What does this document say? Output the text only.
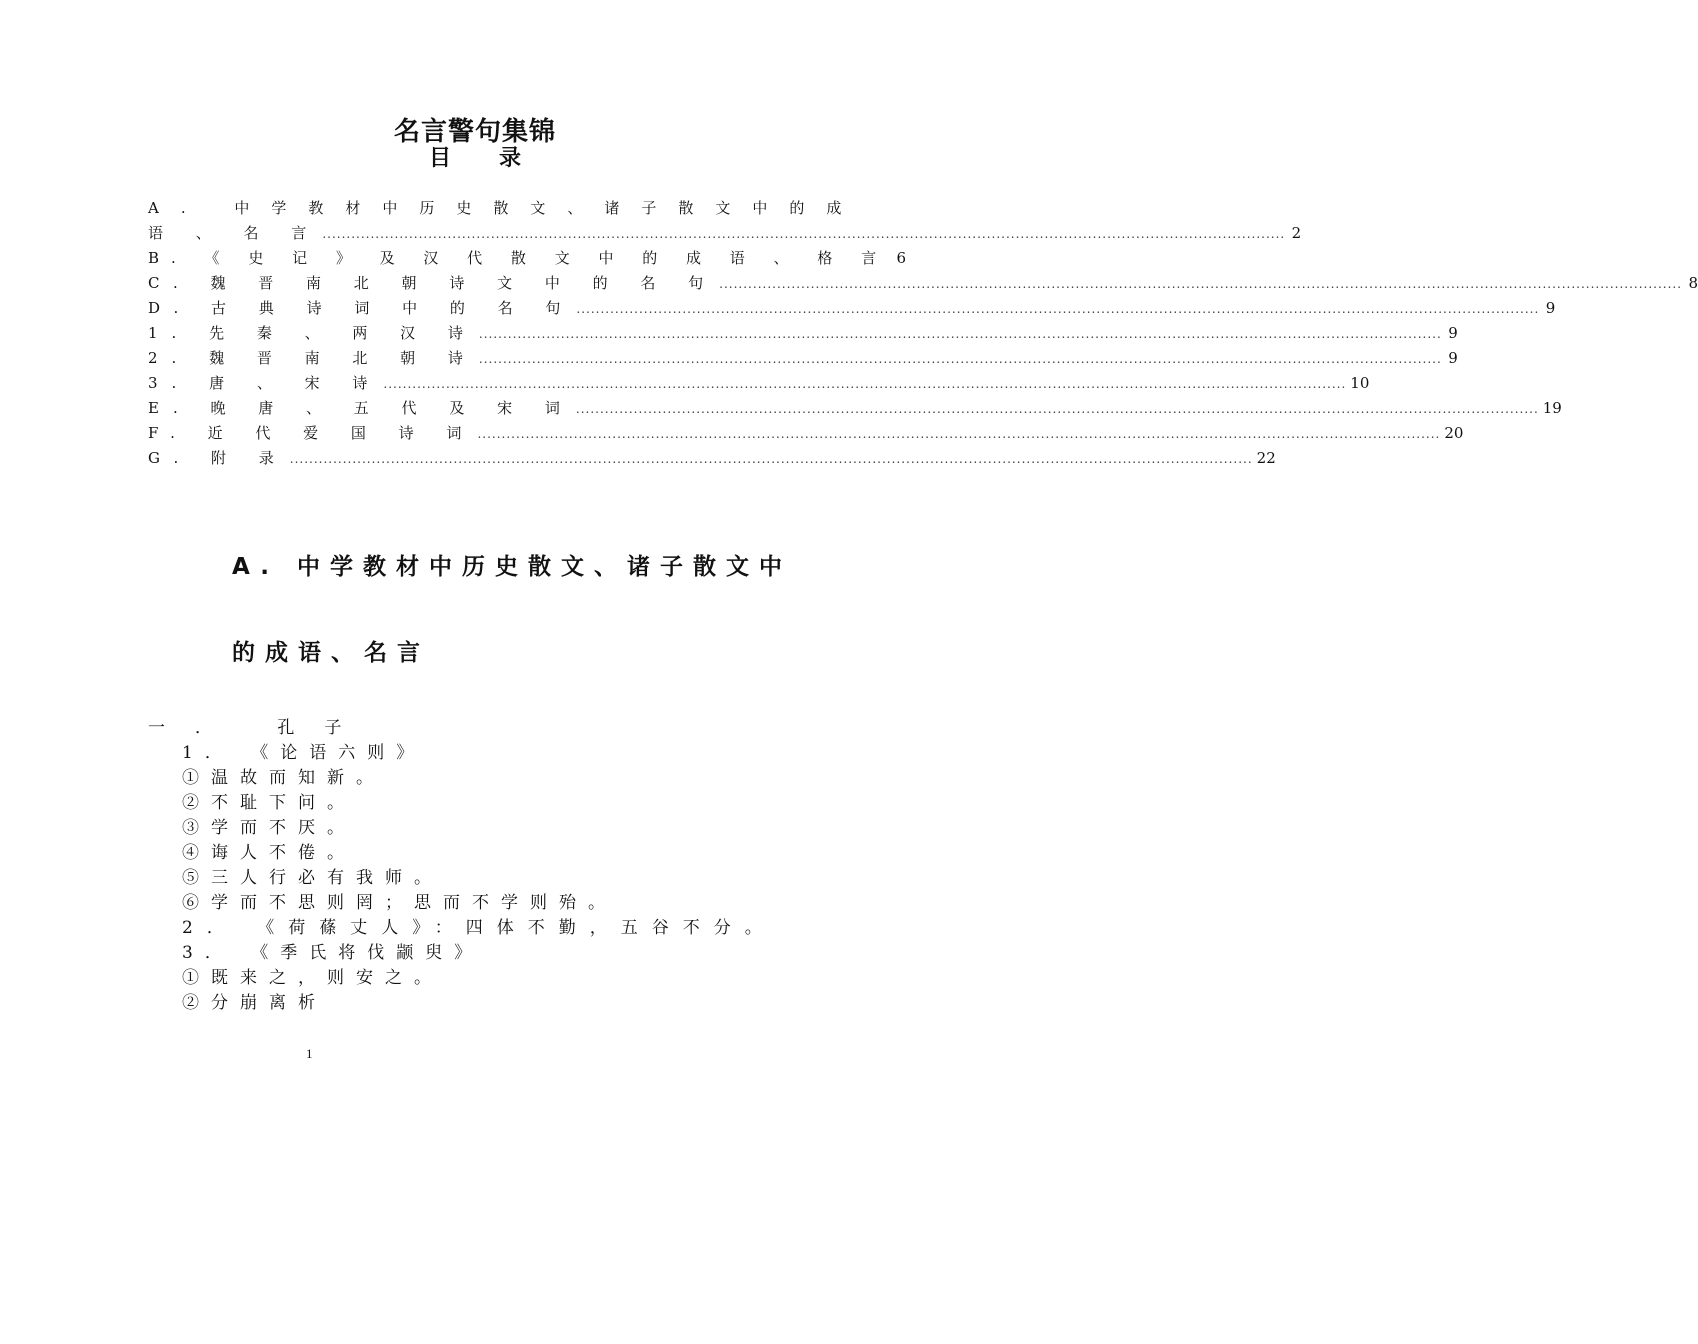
名言警句集锦
目录
A. 中学教材中历史散文、诸子散文中的成
语 、 名 言 ........................................................................................................................................................................................................ 2
B. 《 史 记 》 及 汉 代 散 文 中 的 成 语 、 格 言 6
C. 魏 晋 南 北 朝 诗 文 中 的 名 句 ........................................................................................................................................................................................................ 8
D. 古 典 诗 词 中 的 名 句 ........................................................................................................................................................................................................ 9
1. 先 秦 、 两 汉 诗 ........................................................................................................................................................................................................ 9
2. 魏 晋 南 北 朝 诗 ........................................................................................................................................................................................................ 9
3. 唐 、 宋 诗 ........................................................................................................................................................................................................ 10
E. 晚 唐 、 五 代 及 宋 词 ........................................................................................................................................................................................................ 19
F. 近 代 爱 国 诗 词 ........................................................................................................................................................................................................ 20
G. 附 录 ........................................................................................................................................................................................................ 22
A. 中学教材中历史散文、诸子散文中
的成语、名言
一． 孔子
1． 《论语六则》
①温故而知新。
②不耻下问。
③学而不厌。
④诲人不倦。
⑤三人行必有我师。
⑥学而不思则罔；思而不学则殆。
2． 《荷蓧丈人》：四体不勤，五谷不分。
3． 《季氏将伐颛臾》
①既来之，则安之。
②分崩离析
1
